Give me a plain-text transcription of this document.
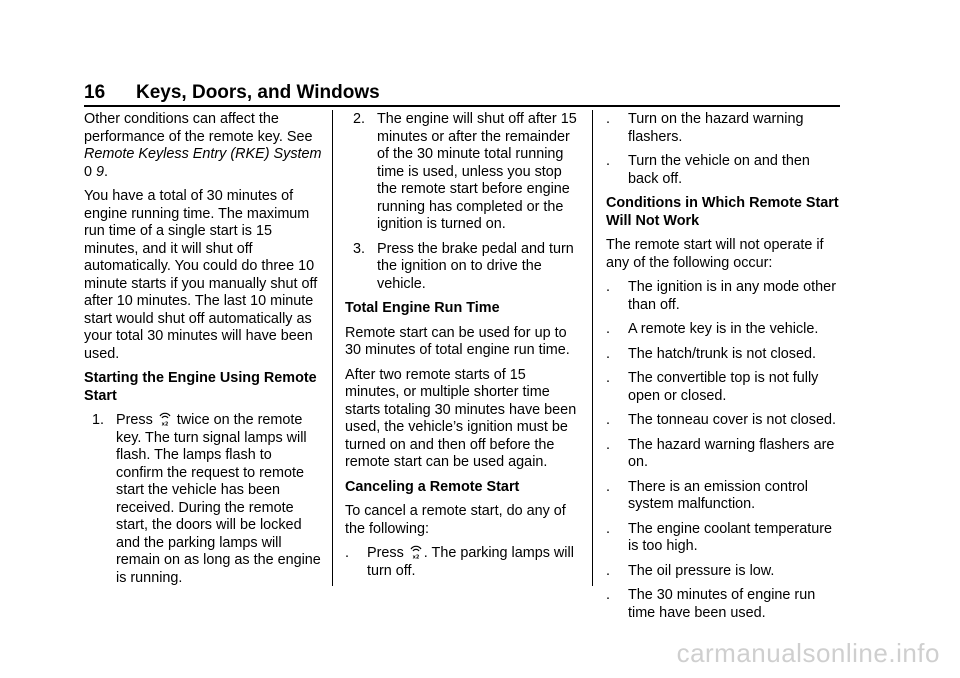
16 Keys, Doors, and Windows

Other conditions can affect the performance of the remote key. See Remote Keyless Entry (RKE) System 0 9.

You have a total of 30 minutes of engine running time. The maximum run time of a single start is 15 minutes, and it will shut off automatically. You could do three 10 minute starts if you manually shut off after 10 minutes. The last 10 minute start would shut off automatically as your total 30 minutes will have been used.

Starting the Engine Using Remote Start

1. Press x2 twice on the remote key. The turn signal lamps will flash. The lamps flash to confirm the request to remote start the vehicle has been received. During the remote start, the doors will be locked and the parking lamps will remain on as long as the engine is running.
2. The engine will shut off after 15 minutes or after the remainder of the 30 minute total running time is used, unless you stop the remote start before engine running has completed or the ignition is turned on.
3. Press the brake pedal and turn the ignition on to drive the vehicle.

Total Engine Run Time

Remote start can be used for up to 30 minutes of total engine run time.

After two remote starts of 15 minutes, or multiple shorter time starts totaling 30 minutes have been used, the vehicle’s ignition must be turned on and then off before the remote start can be used again.

Canceling a Remote Start

To cancel a remote start, do any of the following:

. Press x2 . The parking lamps will turn off.
. Turn on the hazard warning flashers.
. Turn the vehicle on and then back off.

Conditions in Which Remote Start Will Not Work

The remote start will not operate if any of the following occur:

. The ignition is in any mode other than off.
. A remote key is in the vehicle.
. The hatch/trunk is not closed.
. The convertible top is not fully open or closed.
. The tonneau cover is not closed.
. The hazard warning flashers are on.
. There is an emission control system malfunction.
. The engine coolant temperature is too high.
. The oil pressure is low.
. The 30 minutes of engine run time have been used.
carmanualsonline.info
